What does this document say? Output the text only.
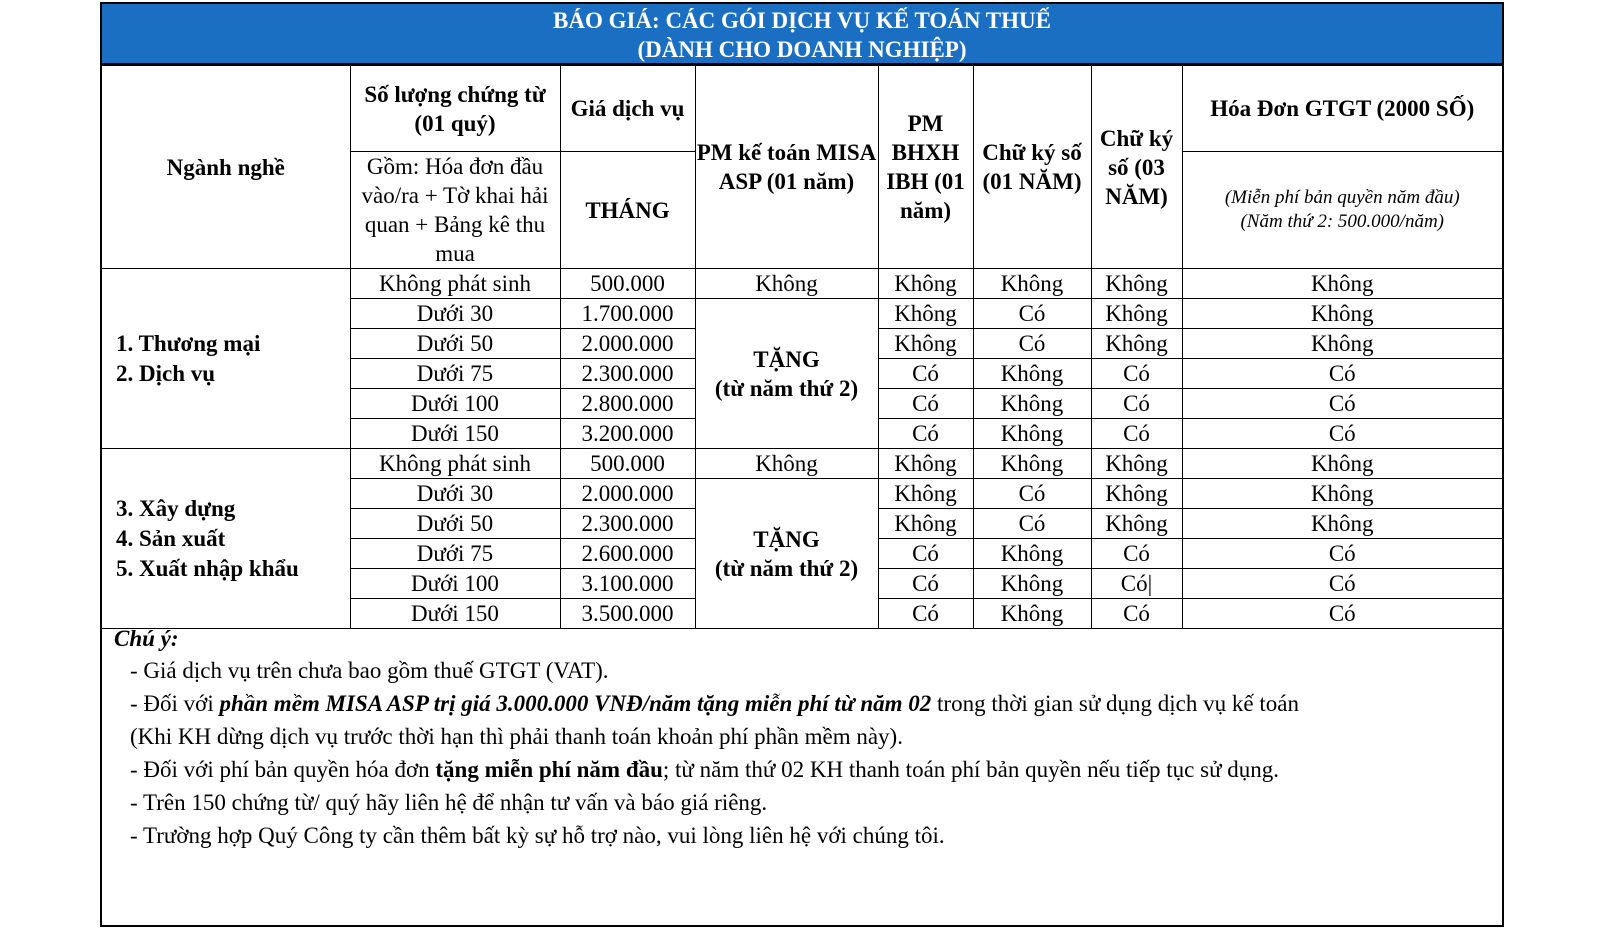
BÁO GIÁ: CÁC GÓI DỊCH VỤ KẾ TOÁN THUẾ
(DÀNH CHO DOANH NGHIỆP)
Ngành nghề	Số lượng chứng từ (01 quý)	Giá dịch vụ	PM kế toán MISA ASP (01 năm)	PM BHXH IBH (01 năm)	Chữ ký số (01 NĂM)	Chữ ký số (03 NĂM)	Hóa Đơn GTGT (2000 SỐ)
	Gồm: Hóa đơn đầu vào/ra + Tờ khai hải quan + Bảng kê thu mua	THÁNG					(Miễn phí bản quyền năm đầu)
(Năm thứ 2: 500.000/năm)

1. Thương mại
2. Dịch vụ	Không phát sinh	500.000	Không	Không	Không	Không	Không
	Dưới 30	1.700.000	TẶNG
(từ năm thứ 2)	Không	Có	Không	Không
	Dưới 50	2.000.000		Không	Có	Không	Không
	Dưới 75	2.300.000		Có	Không	Có	Có
	Dưới 100	2.800.000		Có	Không	Có	Có
	Dưới 150	3.200.000		Có	Không	Có	Có

3. Xây dựng
4. Sản xuất
5. Xuất nhập khẩu	Không phát sinh	500.000	Không	Không	Không	Không	Không
	Dưới 30	2.000.000	TẶNG
(từ năm thứ 2)	Không	Có	Không	Không
	Dưới 50	2.300.000		Không	Có	Không	Không
	Dưới 75	2.600.000		Có	Không	Có	Có
	Dưới 100	3.100.000		Có	Không	Có|	Có
	Dưới 150	3.500.000		Có	Không	Có	Có
Chú ý:
- Giá dịch vụ trên chưa bao gồm thuế GTGT (VAT).
- Đối với phần mềm MISA ASP trị giá 3.000.000 VNĐ/năm tặng miễn phí từ năm 02 trong thời gian sử dụng dịch vụ kế toán
(Khi KH dừng dịch vụ trước thời hạn thì phải thanh toán khoản phí phần mềm này).
- Đối với phí bản quyền hóa đơn tặng miễn phí năm đầu; từ năm thứ 02 KH thanh toán phí bản quyền nếu tiếp tục sử dụng.
- Trên 150 chứng từ/ quý hãy liên hệ để nhận tư vấn và báo giá riêng.
- Trường hợp Quý Công ty cần thêm bất kỳ sự hỗ trợ nào, vui lòng liên hệ với chúng tôi.
